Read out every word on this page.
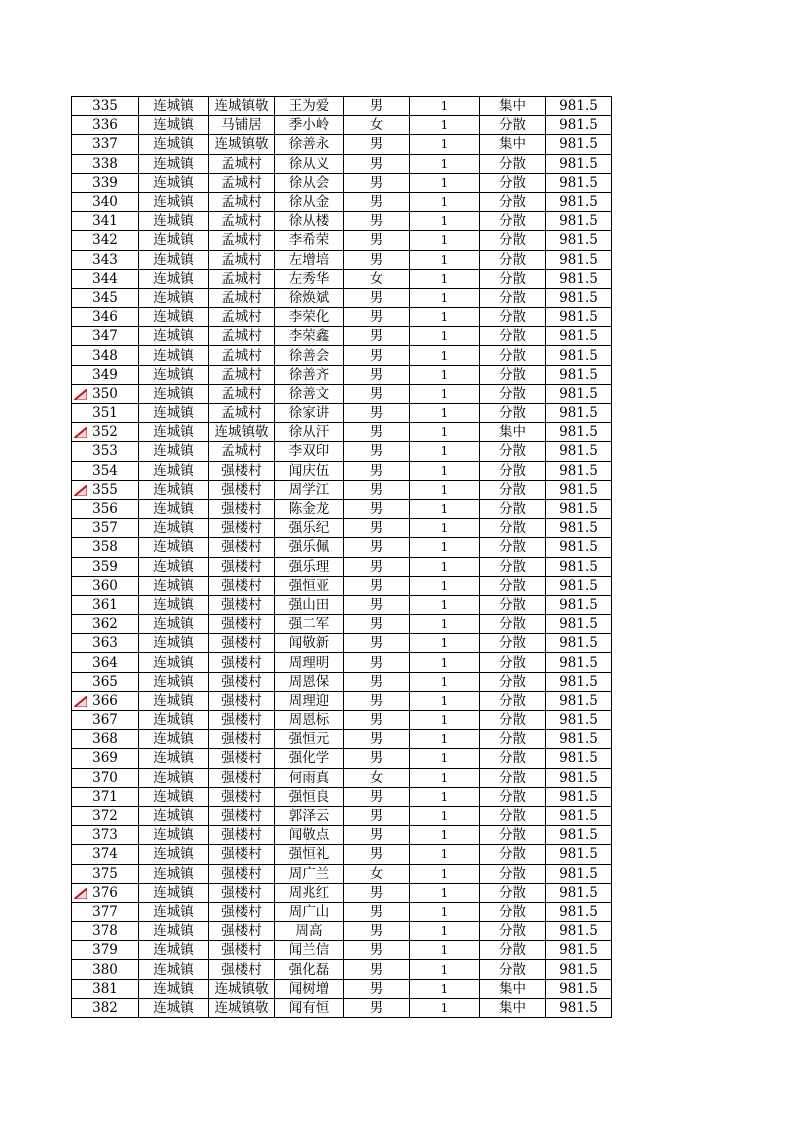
335	连城镇	连城镇敬	王为爱	男	1	集中	981.5
336	连城镇	马铺居	季小岭	女	1	分散	981.5
337	连城镇	连城镇敬	徐善永	男	1	集中	981.5
338	连城镇	孟城村	徐从义	男	1	分散	981.5
339	连城镇	孟城村	徐从会	男	1	分散	981.5
340	连城镇	孟城村	徐从金	男	1	分散	981.5
341	连城镇	孟城村	徐从楼	男	1	分散	981.5
342	连城镇	孟城村	李希荣	男	1	分散	981.5
343	连城镇	孟城村	左增培	男	1	分散	981.5
344	连城镇	孟城村	左秀华	女	1	分散	981.5
345	连城镇	孟城村	徐焕斌	男	1	分散	981.5
346	连城镇	孟城村	李荣化	男	1	分散	981.5
347	连城镇	孟城村	李荣鑫	男	1	分散	981.5
348	连城镇	孟城村	徐善会	男	1	分散	981.5
349	连城镇	孟城村	徐善齐	男	1	分散	981.5

350	连城镇	孟城村	徐善文	男	1	分散	981.5
351	连城镇	孟城村	徐家讲	男	1	分散	981.5

352	连城镇	连城镇敬	徐从汗	男	1	集中	981.5
353	连城镇	孟城村	李双印	男	1	分散	981.5
354	连城镇	强楼村	闻庆伍	男	1	分散	981.5

355	连城镇	强楼村	周学江	男	1	分散	981.5
356	连城镇	强楼村	陈金龙	男	1	分散	981.5
357	连城镇	强楼村	强乐纪	男	1	分散	981.5
358	连城镇	强楼村	强乐佩	男	1	分散	981.5
359	连城镇	强楼村	强乐理	男	1	分散	981.5
360	连城镇	强楼村	强恒亚	男	1	分散	981.5
361	连城镇	强楼村	强山田	男	1	分散	981.5
362	连城镇	强楼村	强二军	男	1	分散	981.5
363	连城镇	强楼村	闻敬新	男	1	分散	981.5
364	连城镇	强楼村	周理明	男	1	分散	981.5
365	连城镇	强楼村	周恩保	男	1	分散	981.5

366	连城镇	强楼村	周理迎	男	1	分散	981.5
367	连城镇	强楼村	周恩标	男	1	分散	981.5
368	连城镇	强楼村	强恒元	男	1	分散	981.5
369	连城镇	强楼村	强化学	男	1	分散	981.5
370	连城镇	强楼村	何雨真	女	1	分散	981.5
371	连城镇	强楼村	强恒良	男	1	分散	981.5
372	连城镇	强楼村	郭泽云	男	1	分散	981.5
373	连城镇	强楼村	闻敬点	男	1	分散	981.5
374	连城镇	强楼村	强恒礼	男	1	分散	981.5
375	连城镇	强楼村	周广兰	女	1	分散	981.5

376	连城镇	强楼村	周兆红	男	1	分散	981.5
377	连城镇	强楼村	周广山	男	1	分散	981.5
378	连城镇	强楼村	周高	男	1	分散	981.5
379	连城镇	强楼村	闻兰信	男	1	分散	981.5
380	连城镇	强楼村	强化磊	男	1	分散	981.5
381	连城镇	连城镇敬	闻树增	男	1	集中	981.5
382	连城镇	连城镇敬	闻有恒	男	1	集中	981.5
